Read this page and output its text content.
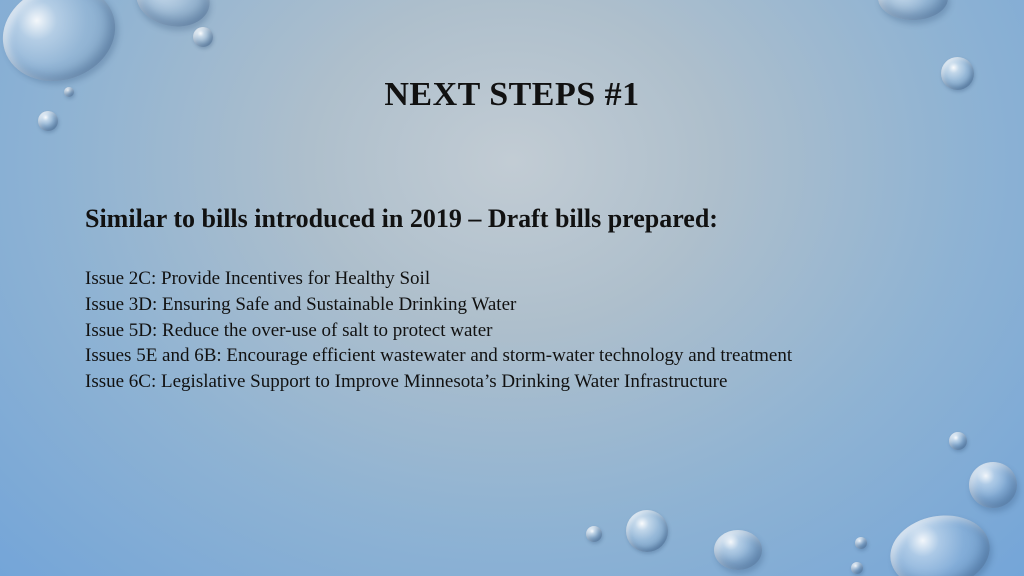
NEXT STEPS #1
Similar to bills introduced in 2019 – Draft bills prepared:
Issue 2C: Provide Incentives for Healthy Soil
Issue 3D: Ensuring Safe and Sustainable Drinking Water
Issue 5D: Reduce the over-use of salt to protect water
Issues 5E and 6B: Encourage efficient wastewater and storm-water technology and treatment
Issue 6C: Legislative Support to Improve Minnesota’s Drinking Water Infrastructure
